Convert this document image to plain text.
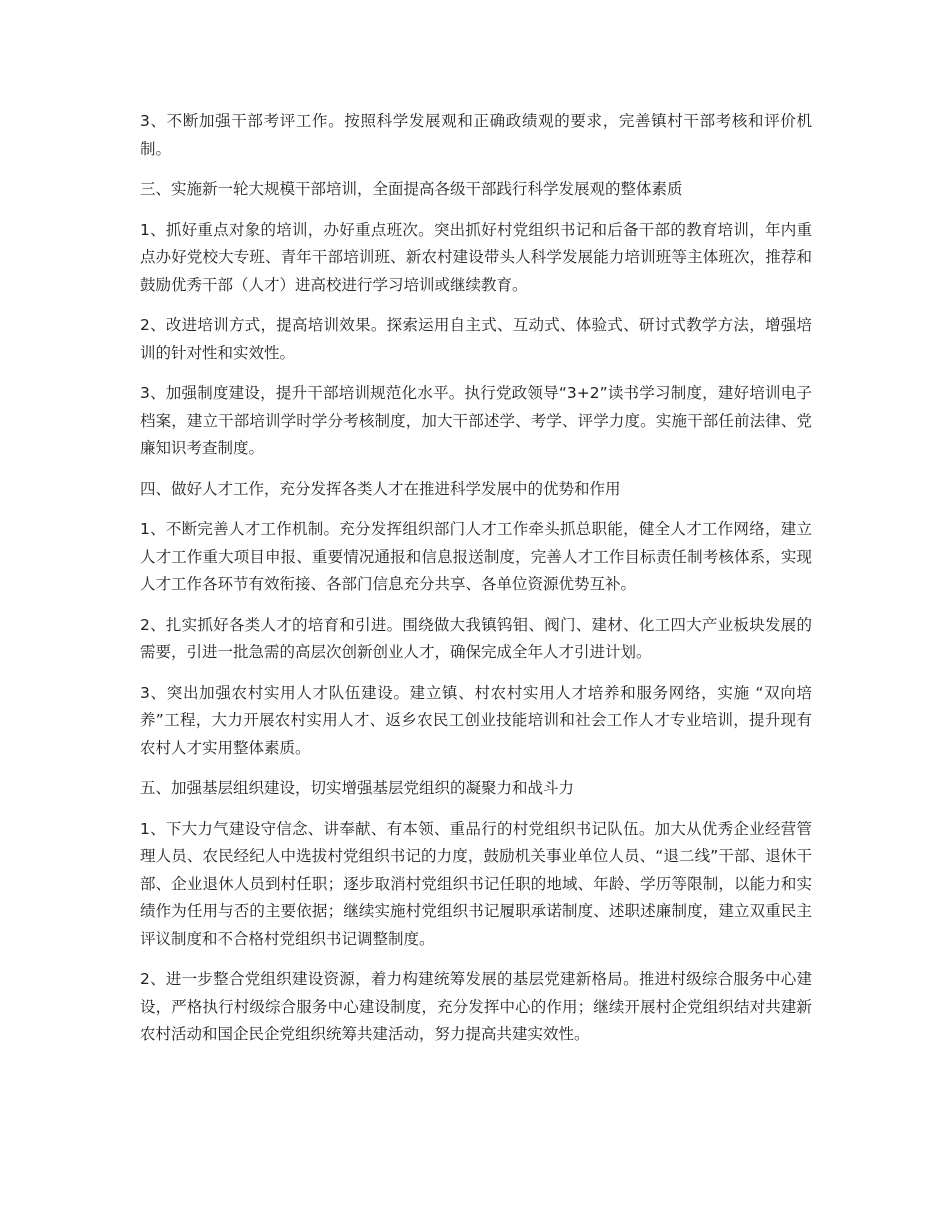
3、不断加强干部考评工作。按照科学发展观和正确政绩观的要求，完善镇村干部考核和评价机制。

三、实施新一轮大规模干部培训，全面提高各级干部践行科学发展观的整体素质

1、抓好重点对象的培训，办好重点班次。突出抓好村党组织书记和后备干部的教育培训，年内重点办好党校大专班、青年干部培训班、新农村建设带头人科学发展能力培训班等主体班次，推荐和鼓励优秀干部（人才）进高校进行学习培训或继续教育。

2、改进培训方式，提高培训效果。探索运用自主式、互动式、体验式、研讨式教学方法，增强培训的针对性和实效性。

3、加强制度建设，提升干部培训规范化水平。执行党政领导“3+2”读书学习制度，建好培训电子档案，建立干部培训学时学分考核制度，加大干部述学、考学、评学力度。实施干部任前法律、党廉知识考查制度。

四、做好人才工作，充分发挥各类人才在推进科学发展中的优势和作用

1、不断完善人才工作机制。充分发挥组织部门人才工作牵头抓总职能，健全人才工作网络，建立人才工作重大项目申报、重要情况通报和信息报送制度，完善人才工作目标责任制考核体系，实现人才工作各环节有效衔接、各部门信息充分共享、各单位资源优势互补。

2、扎实抓好各类人才的培育和引进。围绕做大我镇钨钼、阀门、建材、化工四大产业板块发展的需要，引进一批急需的高层次创新创业人才，确保完成全年人才引进计划。

3、突出加强农村实用人才队伍建设。建立镇、村农村实用人才培养和服务网络，实施 “双向培养”工程，大力开展农村实用人才、返乡农民工创业技能培训和社会工作人才专业培训，提升现有农村人才实用整体素质。

五、加强基层组织建设，切实增强基层党组织的凝聚力和战斗力

1、下大力气建设守信念、讲奉献、有本领、重品行的村党组织书记队伍。加大从优秀企业经营管理人员、农民经纪人中选拔村党组织书记的力度，鼓励机关事业单位人员、“退二线”干部、退休干部、企业退休人员到村任职；逐步取消村党组织书记任职的地域、年龄、学历等限制，以能力和实绩作为任用与否的主要依据；继续实施村党组织书记履职承诺制度、述职述廉制度，建立双重民主评议制度和不合格村党组织书记调整制度。

2、进一步整合党组织建设资源，着力构建统筹发展的基层党建新格局。推进村级综合服务中心建设，严格执行村级综合服务中心建设制度，充分发挥中心的作用；继续开展村企党组织结对共建新农村活动和国企民企党组织统筹共建活动，努力提高共建实效性。
